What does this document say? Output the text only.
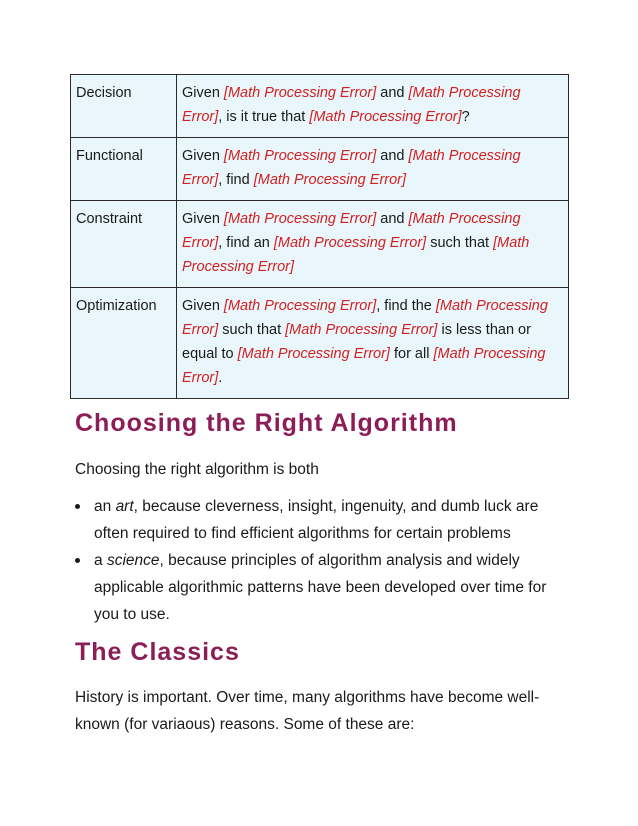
Decision	Given [Math Processing Error] and [Math Processing Error], is it true that [Math Processing Error]?
Functional	Given [Math Processing Error] and [Math Processing Error], find [Math Processing Error]
Constraint	Given [Math Processing Error] and [Math Processing Error], find an [Math Processing Error] such that [Math Processing Error]
Optimization	Given [Math Processing Error], find the [Math Processing Error] such that [Math Processing Error] is less than or equal to [Math Processing Error] for all [Math Processing Error].
Choosing the Right Algorithm

Choosing the right algorithm is both

an art, because cleverness, insight, ingenuity, and dumb luck are often required to find efficient algorithms for certain problems
a science, because principles of algorithm analysis and widely applicable algorithmic patterns have been developed over time for you to use.
The Classics

History is important. Over time, many algorithms have become well-known (for variaous) reasons. Some of these are:
